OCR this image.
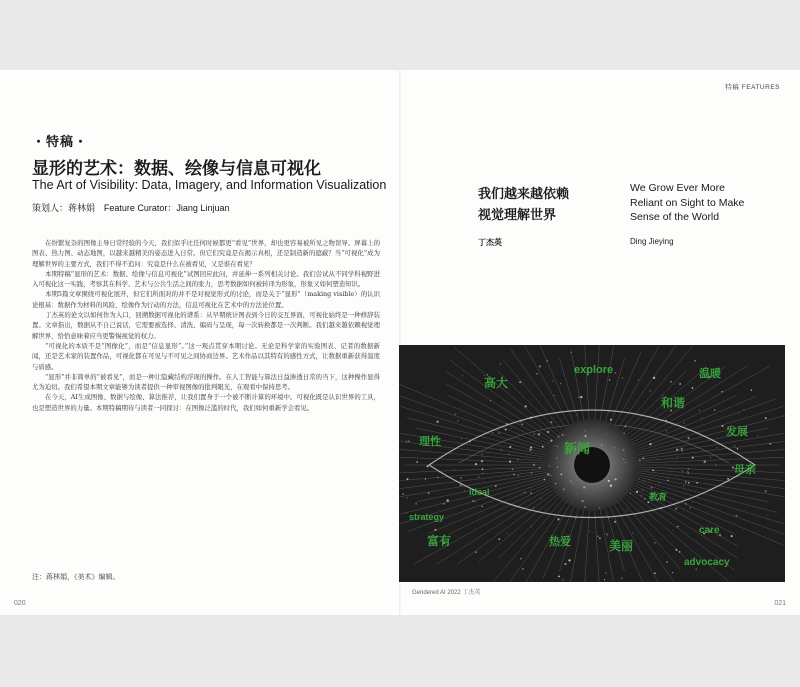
特稿 FEATURES
・特稿・
显形的艺术：数据、绘像与信息可视化
The Art of Visibility: Data, Imagery, and Information Visualization
策划人：蒋林娟 Feature Curator：Jiang Linjuan

在纷繁复杂的图像主导日常经验的今天，我们似乎比任何时候都更“看见”世界，却也更容易被所见之物误导。屏幕上的图表、热力图、动态地图，以越来越精美的姿态进入日常。但它们究竟是在揭示真相，还是制造新的遮蔽？当“可视化”成为理解世界的主要方式，我们不得不追问：究竟是什么在被看见，又是谁在看见？

本期特稿“显形的艺术：数据、绘像与信息可视化”试图回应此问，并延伸一系列相关讨论。我们尝试从不同学科视野进入可视化这一实践，考察其在科学、艺术与公共生活之间的张力，思考数据如何被转译为形象，形象又如何塑造知识。

本期5篇文章围绕可视化展开，但它们所面对的并不是对视觉形式的讨论，而是关于“显形”（making visible）的认识论根基：数据作为材料的风险，绘像作为行动的方法，信息可视化在艺术中的方法论位置。

丁杰英的论文以如何作为入口，回溯数据可视化的谱系：从早期统计图表到今日的交互界面，可视化始终是一种修辞装置。文章指出，数据从不自己说话，它需要被选择、清洗、编码与呈现，每一次转换都是一次判断。我们越来越依赖视觉理解世界，恰恰意味着应当更警惕视觉的权力。

“可视化的本质不是“图像化”，而是“信息显形”。”这一观点贯穿本期讨论。无论是科学家的实验图表、记者的数据新闻，还是艺术家的装置作品，可视化都在可见与不可见之间协商边界。艺术作品以其特有的感性方式，让数据重新获得温度与质感。

“显形”并非简单的“被看见”，而是一种让隐藏结构浮现的操作。在人工智能与算法日益渗透日常的当下，这种操作显得尤为迫切。我们希望本期文章能够为读者提供一种审视图像的批判眼光，在观看中保持思考。

在今天，AI生成图像、数据与绘像、算法推荐，让我们置身于一个被不断计算的环境中。可视化既是认识世界的工具，也是塑造世界的力量。本期特稿期待与读者一同探讨：在图像泛滥的时代，我们如何重新学会看见。

注：蒋林娟，《美术》编辑。
020
我们越来越依赖
视觉理解世界
We Grow Ever More
Reliant on Sight to Make
Sense of the World
丁杰英	Ding Jieying
高大
explore	温暖
和谐
理性
发展
新闻
母亲
strategy
富有
care
美丽
advocacy
热爱
教育
ideal
Gendered AI 2022 丁杰英
021
